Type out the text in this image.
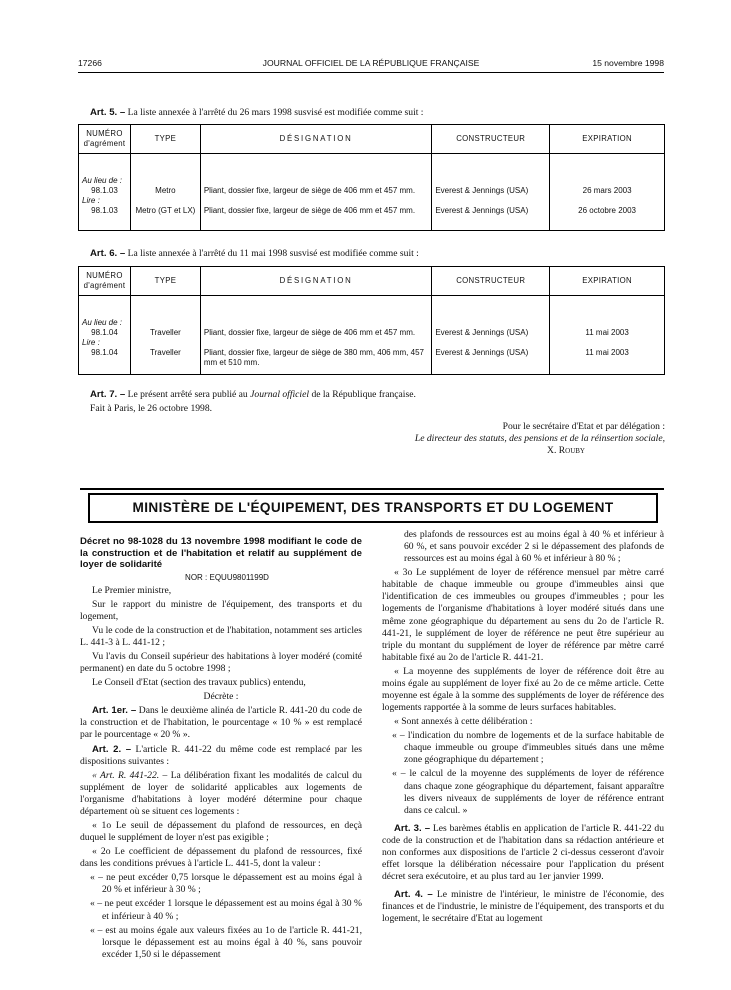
17266	JOURNAL OFFICIEL DE LA RÉPUBLIQUE FRANÇAISE	15 novembre 1998
Art. 5. – La liste annexée à l'arrêté du 26 mars 1998 susvisé est modifiée comme suit :
NUMÉRO d'agrément	TYPE	DÉSIGNATION	CONSTRUCTEUR	EXPIRATION

Au lieu de :				
98.1.03	Metro	Pliant, dossier fixe, largeur de siège de 406 mm et 457 mm.	Everest & Jennings (USA)	26 mars 2003
Lire :				
98.1.03	Metro (GT et LX)	Pliant, dossier fixe, largeur de siège de 406 mm et 457 mm.	Everest & Jennings (USA)	26 octobre 2003
Art. 6. – La liste annexée à l'arrêté du 11 mai 1998 susvisé est modifiée comme suit :
NUMÉRO d'agrément	TYPE	DÉSIGNATION	CONSTRUCTEUR	EXPIRATION

Au lieu de :				
98.1.04	Traveller	Pliant, dossier fixe, largeur de siège de 406 mm et 457 mm.	Everest & Jennings (USA)	11 mai 2003
Lire :				
98.1.04	Traveller	Pliant, dossier fixe, largeur de siège de 380 mm, 406 mm, 457 mm et 510 mm.	Everest & Jennings (USA)	11 mai 2003
Art. 7. – Le présent arrêté sera publié au Journal officiel de la République française.
Fait à Paris, le 26 octobre 1998.
Pour le secrétaire d'Etat et par délégation :
Le directeur des statuts, des pensions et de la réinsertion sociale,
X. Rouby
MINISTÈRE DE L'ÉQUIPEMENT, DES TRANSPORTS ET DU LOGEMENT

Décret no 98-1028 du 13 novembre 1998 modifiant le code de la construction et de l'habitation et relatif au supplément de loyer de solidarité

NOR : EQUU9801199D

Le Premier ministre,

Sur le rapport du ministre de l'équipement, des transports et du logement,

Vu le code de la construction et de l'habitation, notamment ses articles L. 441-3 à L. 441-12 ;

Vu l'avis du Conseil supérieur des habitations à loyer modéré (comité permanent) en date du 5 octobre 1998 ;

Le Conseil d'Etat (section des travaux publics) entendu,

Décrète :

Art. 1er. – Dans le deuxième alinéa de l'article R. 441-20 du code de la construction et de l'habitation, le pourcentage « 10 % » est remplacé par le pourcentage « 20 % ».

Art. 2. – L'article R. 441-22 du même code est remplacé par les dispositions suivantes :

« Art. R. 441-22. – La délibération fixant les modalités de calcul du supplément de loyer de solidarité applicables aux logements de l'organisme d'habitations à loyer modéré détermine pour chaque département où se situent ces logements :

« 1o Le seuil de dépassement du plafond de ressources, en deçà duquel le supplément de loyer n'est pas exigible ;

« 2o Le coefficient de dépassement du plafond de ressources, fixé dans les conditions prévues à l'article L. 441-5, dont la valeur :

« – ne peut excéder 0,75 lorsque le dépassement est au moins égal à 20 % et inférieur à 30 % ;

« – ne peut excéder 1 lorsque le dépassement est au moins égal à 30 % et inférieur à 40 % ;

« – est au moins égale aux valeurs fixées au 1o de l'article R. 441-21, lorsque le dépassement est au moins égal à 40 %, sans pouvoir excéder 1,50 si le dépassement

des plafonds de ressources est au moins égal à 40 % et inférieur à 60 %, et sans pouvoir excéder 2 si le dépassement des plafonds de ressources est au moins égal à 60 % et inférieur à 80 % ;

« 3o Le supplément de loyer de référence mensuel par mètre carré habitable de chaque immeuble ou groupe d'immeubles ainsi que l'identification de ces immeubles ou groupes d'immeubles ; pour les logements de l'organisme d'habitations à loyer modéré situés dans une même zone géographique du département au sens du 2o de l'article R. 441-21, le supplément de loyer de référence ne peut être supérieur au triple du montant du supplément de loyer de référence par mètre carré habitable fixé au 2o de l'article R. 441-21.

« La moyenne des suppléments de loyer de référence doit être au moins égale au supplément de loyer fixé au 2o de ce même article. Cette moyenne est égale à la somme des suppléments de loyer de référence des logements rapportée à la somme de leurs surfaces habitables.

« Sont annexés à cette délibération :

« – l'indication du nombre de logements et de la surface habitable de chaque immeuble ou groupe d'immeubles situés dans une même zone géographique du département ;

« – le calcul de la moyenne des suppléments de loyer de référence dans chaque zone géographique du département, faisant apparaître les divers niveaux de suppléments de loyer de référence entrant dans ce calcul. »

Art. 3. – Les barèmes établis en application de l'article R. 441-22 du code de la construction et de l'habitation dans sa rédaction antérieure et non conformes aux dispositions de l'article 2 ci-dessus cesseront d'avoir effet lorsque la délibération nécessaire pour l'application du présent décret sera exécutoire, et au plus tard au 1er janvier 1999.

Art. 4. – Le ministre de l'intérieur, le ministre de l'économie, des finances et de l'industrie, le ministre de l'équipement, des transports et du logement, le secrétaire d'Etat au logement
